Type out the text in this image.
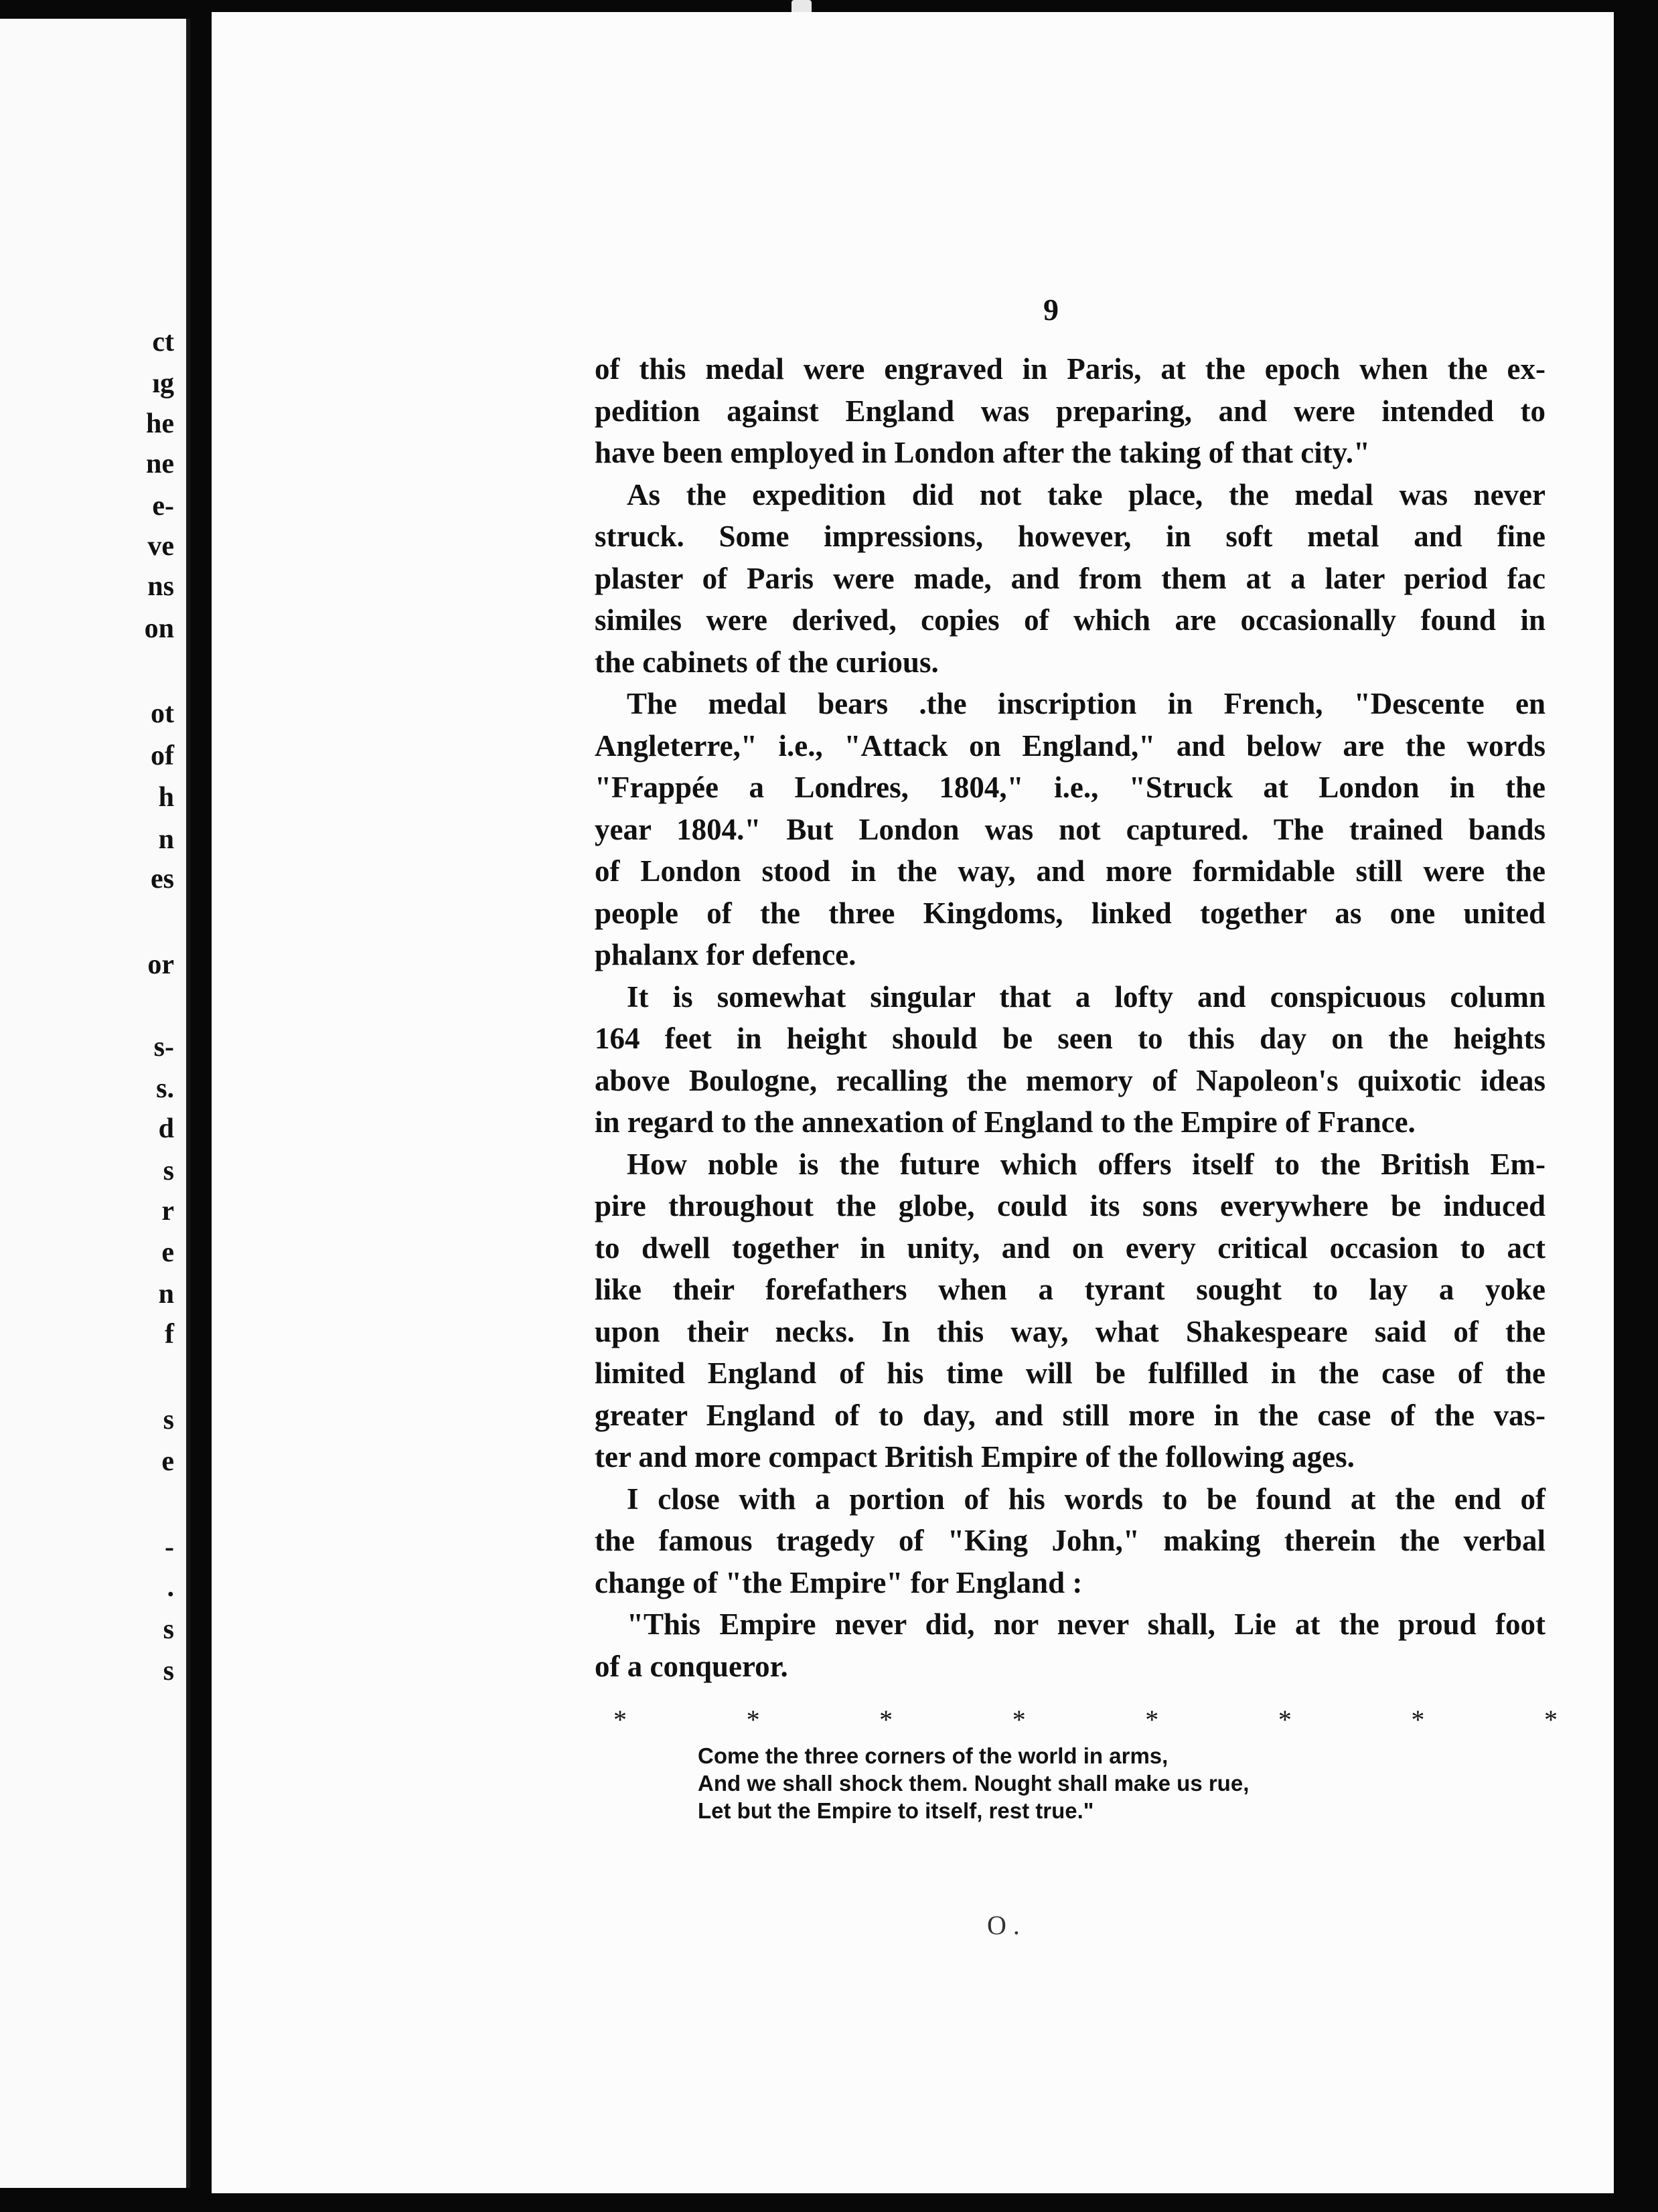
ct
ıg
he
ne
e-
ve
ns
on
ot
of
h
n
es
or
s-
s.
d
s
r
e
n
f
s
e
-
.
s
s
9
of this medal were engraved in Paris, at the epoch when the ex-
pedition against England was preparing, and were intended to
have been employed in London after the taking of that city."
As the expedition did not take place, the medal was never
struck. Some impressions, however, in soft metal and fine
plaster of Paris were made, and from them at a later period fac
similes were derived, copies of which are occasionally found in
the cabinets of the curious.
The medal bears .the inscription in French, "Descente en
Angleterre," i.e., "Attack on England," and below are the words
"Frappée a Londres, 1804," i.e., "Struck at London in the
year 1804." But London was not captured. The trained bands
of London stood in the way, and more formidable still were the
people of the three Kingdoms, linked together as one united
phalanx for defence.
It is somewhat singular that a lofty and conspicuous column
164 feet in height should be seen to this day on the heights
above Boulogne, recalling the memory of Napoleon's quixotic ideas
in regard to the annexation of England to the Empire of France.
How noble is the future which offers itself to the British Em-
pire throughout the globe, could its sons everywhere be induced
to dwell together in unity, and on every critical occasion to act
like their forefathers when a tyrant sought to lay a yoke
upon their necks. In this way, what Shakespeare said of the
limited England of his time will be fulfilled in the case of the
greater England of to day, and still more in the case of the vas-
ter and more compact British Empire of the following ages.
I close with a portion of his words to be found at the end of
the famous tragedy of "King John," making therein the verbal
change of "the Empire" for England :
"This Empire never did, nor never shall, Lie at the proud foot
of a conqueror.
*	*	*	*	*	*	*	*
Come the three corners of the world in arms,
And we shall shock them. Nought shall make us rue,
Let but the Empire to itself, rest true."
O .
